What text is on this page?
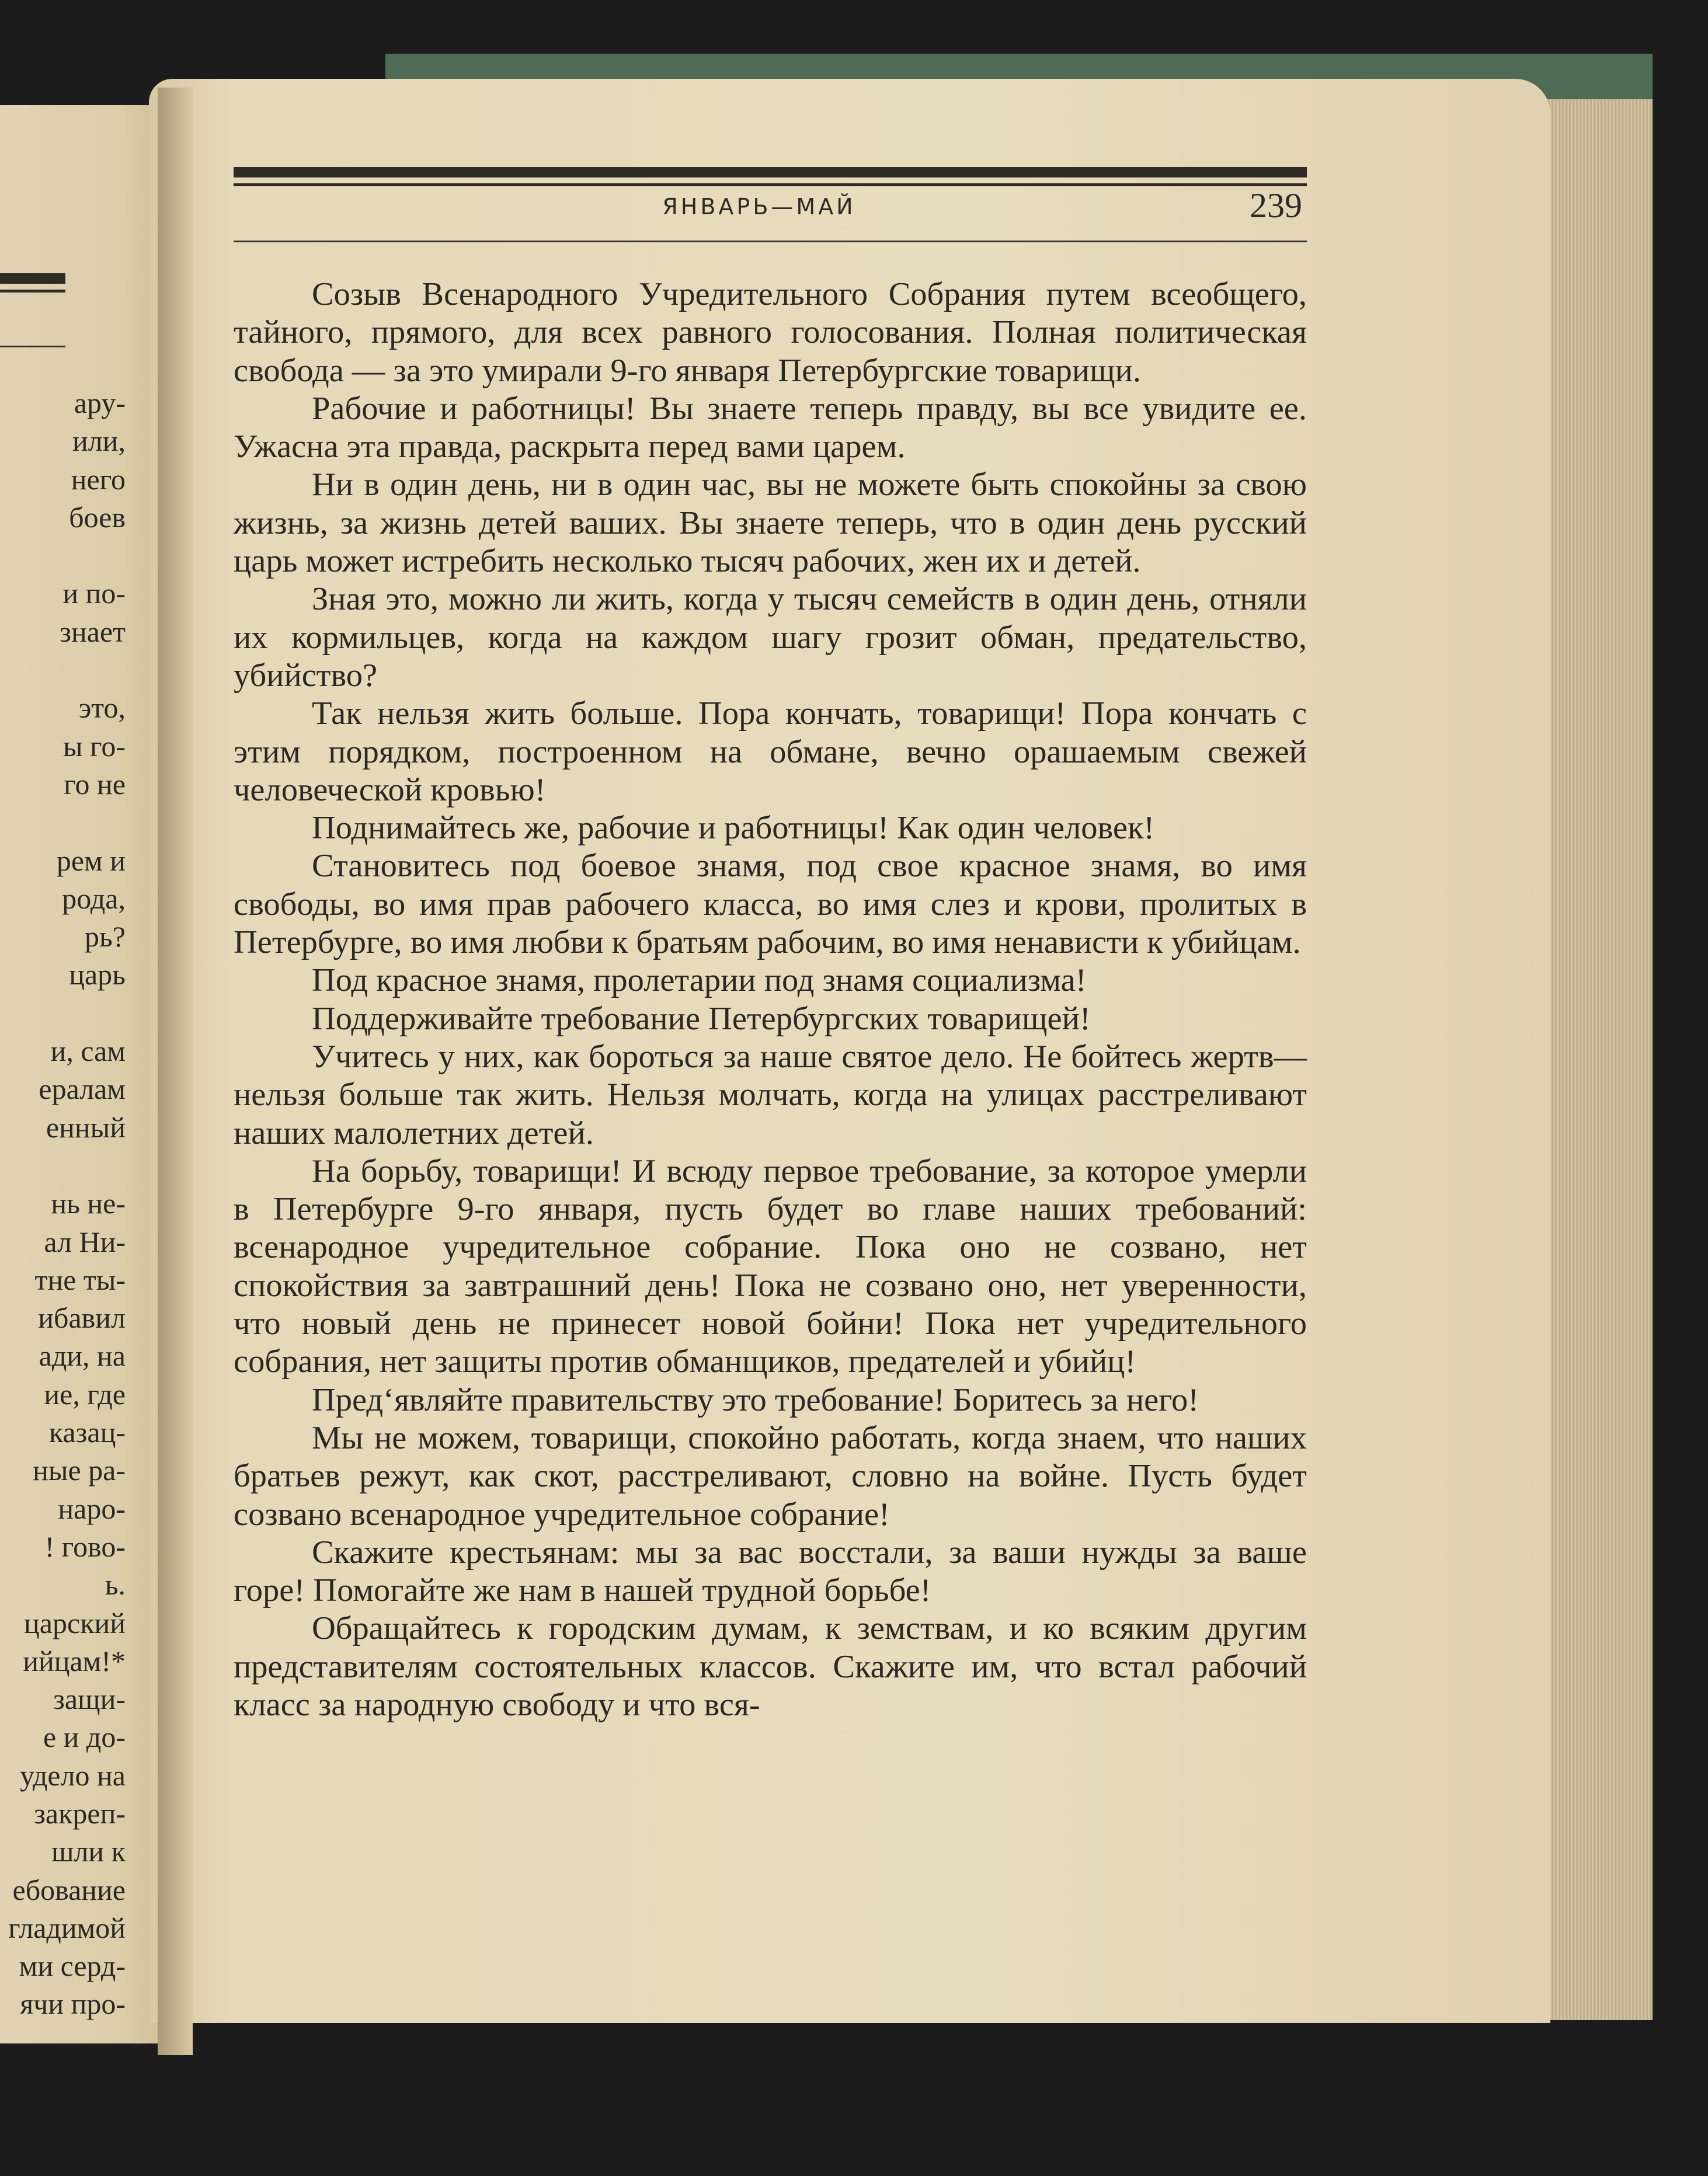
ару-
или,
него
боев
и по-
знает
это,
ы го-
го не
рем и
рода,
рь?
царь
и, сам
ералам
енный
нь не-
ал Ни-
тне ты-
ибавил
ади, на
ие, где
казац-
ные ра-
наро-
! гово-
ь.
царский
ийцам!*
защи-
е и до-
удело на
закреп-
шли к
ебование
гладимой
ми серд-
ячи про-
ЯНВАРЬ—МАЙ	239

Созыв Всенародного Учредительного Собрания путем всеобщего, тайного, прямого, для всех равного голосования. Полная политическая свобода — за это умирали 9-го января Петербургские товарищи.

Рабочие и работницы! Вы знаете теперь правду, вы все увидите ее. Ужасна эта правда, раскрыта перед вами царем.

Ни в один день, ни в один час, вы не можете быть спокойны за свою жизнь, за жизнь детей ваших. Вы знаете теперь, что в один день русский царь может истребить несколько тысяч рабочих, жен их и детей.

Зная это, можно ли жить, когда у тысяч семейств в один день, отняли их кормильцев, когда на каждом шагу грозит обман, предательство, убийство?

Так нельзя жить больше. Пора кончать, товарищи! Пора кончать с этим порядком, построенном на обмане, вечно орашаемым свежей человеческой кровью!

Поднимайтесь же, рабочие и работницы! Как один человек!

Становитесь под боевое знамя, под свое красное знамя, во имя свободы, во имя прав рабочего класса, во имя слез и крови, пролитых в Петербурге, во имя любви к братьям рабочим, во имя ненависти к убийцам.

Под красное знамя, пролетарии под знамя социализма!

Поддерживайте требование Петербургских товарищей!

Учитесь у них, как бороться за наше святое дело. Не бойтесь жертв—нельзя больше так жить. Нельзя молчать, когда на улицах расстреливают наших малолетних детей.

На борьбу, товарищи! И всюду первое требование, за которое умерли в Петербурге 9-го января, пусть будет во главе наших требований: всенародное учредительное собрание. Пока оно не созвано, нет спокойствия за завтрашний день! Пока не созвано оно, нет уверенности, что новый день не принесет новой бойни! Пока нет учредительного собрания, нет защиты против обманщиков, предателей и убийц!

Пред‘являйте правительству это требование! Боритесь за него!

Мы не можем, товарищи, спокойно работать, когда знаем, что наших братьев режут, как скот, расстреливают, словно на войне. Пусть будет созвано всенародное учредительное собрание!

Скажите крестьянам: мы за вас восстали, за ваши нужды за ваше горе! Помогайте же нам в нашей трудной борьбе!

Обращайтесь к городским думам, к земствам, и ко всяким другим представителям состоятельных классов. Скажите им, что встал рабочий класс за народную свободу и что вся-
